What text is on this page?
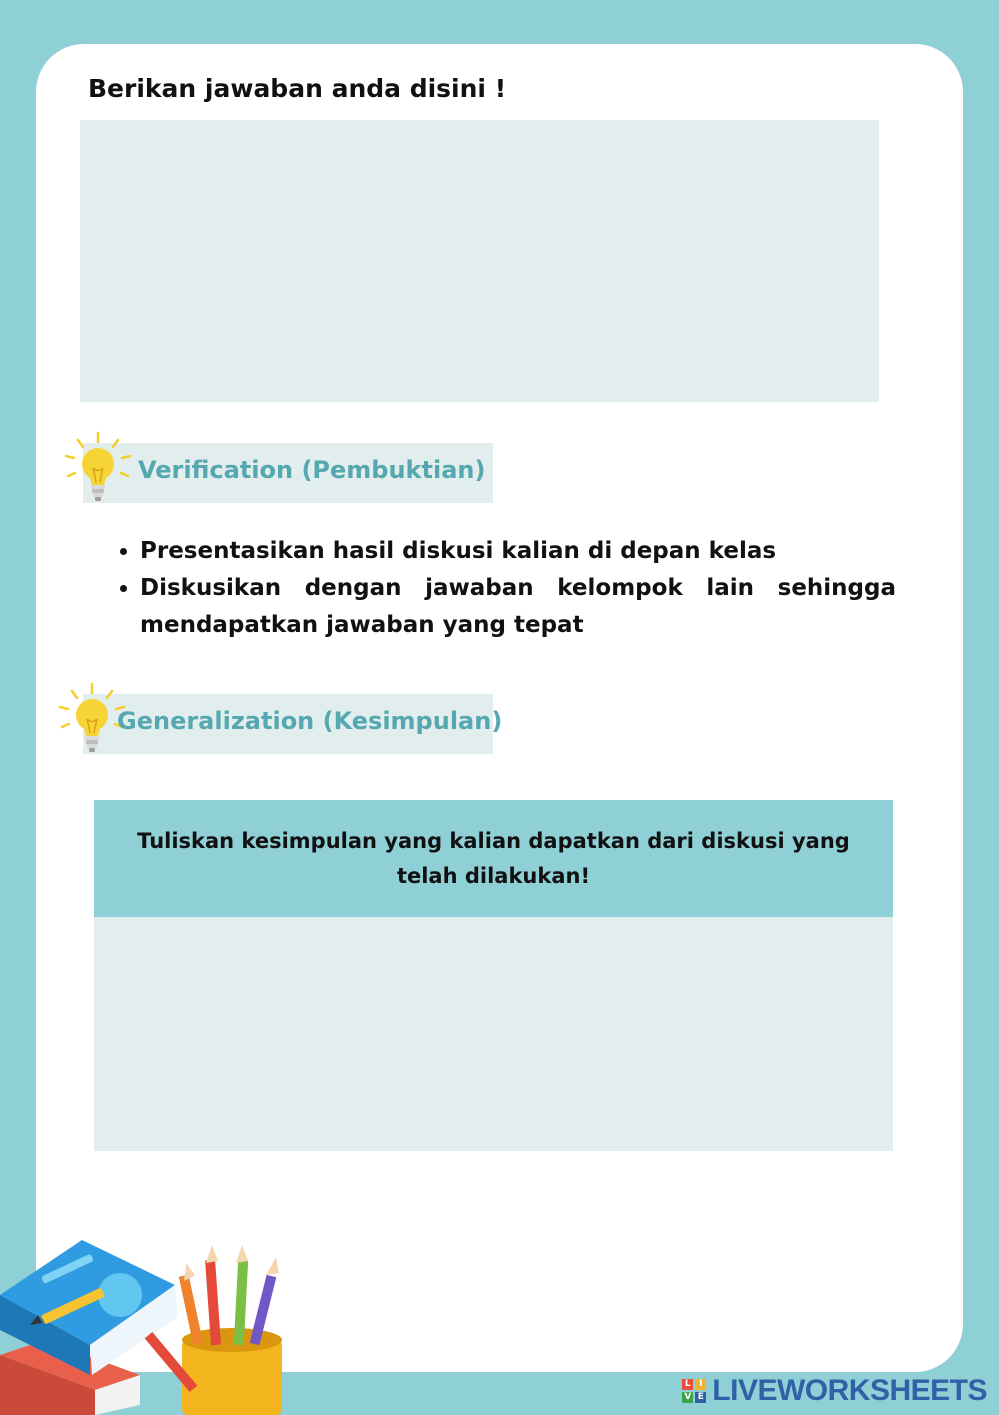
Berikan jawaban anda disini !

Verification (Pembuktian)

• Presentasikan hasil diskusi kalian di depan kelas
• Diskusikan dengan jawaban kelompok lain sehingga mendapatkan jawaban yang tepat

Generalization (Kesimpulan)

Tuliskan kesimpulan yang kalian dapatkan dari diskusi yang telah dilakukan!

L I
V E LIVEWORKSHEETS
